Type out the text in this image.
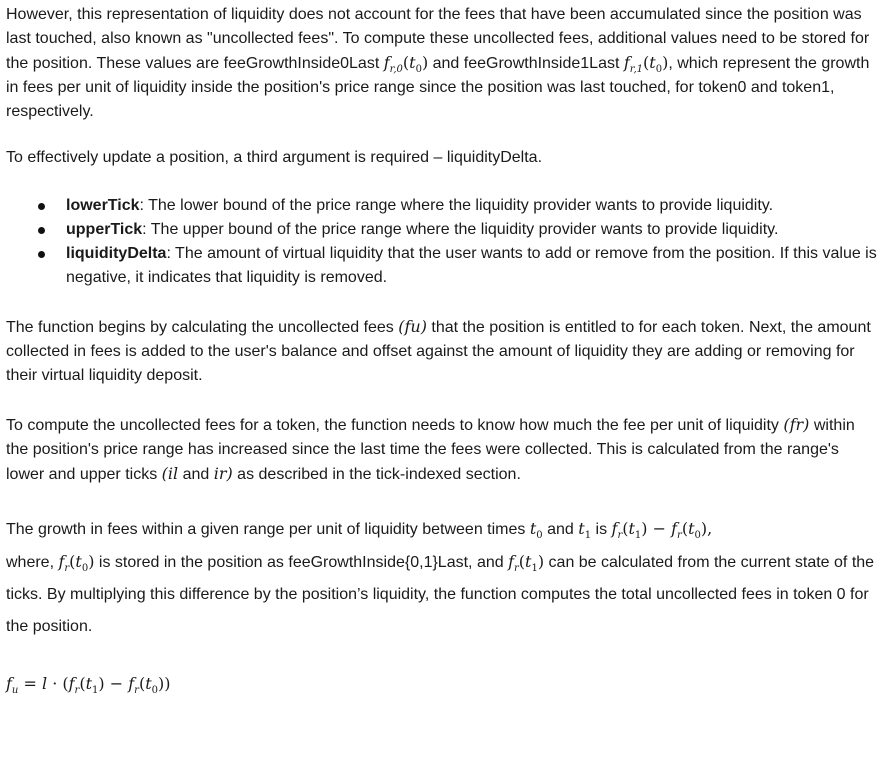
However, this representation of liquidity does not account for the fees that have been accumulated since the position was last touched, also known as "uncollected fees". To compute these uncollected fees, additional values need to be stored for the position. These values are feeGrowthInside0Last $f_{r,0}(t_0)$ and feeGrowthInside1Last $f_{r,1}(t_0)$, which represent the growth in fees per unit of liquidity inside the position's price range since the position was last touched, for token0 and token1, respectively.

To effectively update a position, a third argument is required – liquidityDelta.

lowerTick: The lower bound of the price range where the liquidity provider wants to provide liquidity.
upperTick: The upper bound of the price range where the liquidity provider wants to provide liquidity.
liquidityDelta: The amount of virtual liquidity that the user wants to add or remove from the position. If this value is negative, it indicates that liquidity is removed.

The function begins by calculating the uncollected fees (fu) that the position is entitled to for each token. Next, the amount collected in fees is added to the user's balance and offset against the amount of liquidity they are adding or removing for their virtual liquidity deposit.

To compute the uncollected fees for a token, the function needs to know how much the fee per unit of liquidity (fr) within the position's price range has increased since the last time the fees were collected. This is calculated from the range's lower and upper ticks (il and ir) as described in the tick-indexed section.

The growth in fees within a given range per unit of liquidity between times $t_0$ and $t_1$ is $f_r(t_1) - f_r(t_0)$,
where, $f_r(t_0)$ is stored in the position as feeGrowthInside{0,1}Last, and $f_r(t_1)$ can be calculated from the current state of the ticks. By multiplying this difference by the position’s liquidity, the function computes the total uncollected fees in token 0 for the position.

$f_u = l \cdot (f_r(t_1) - f_r(t_0))$
